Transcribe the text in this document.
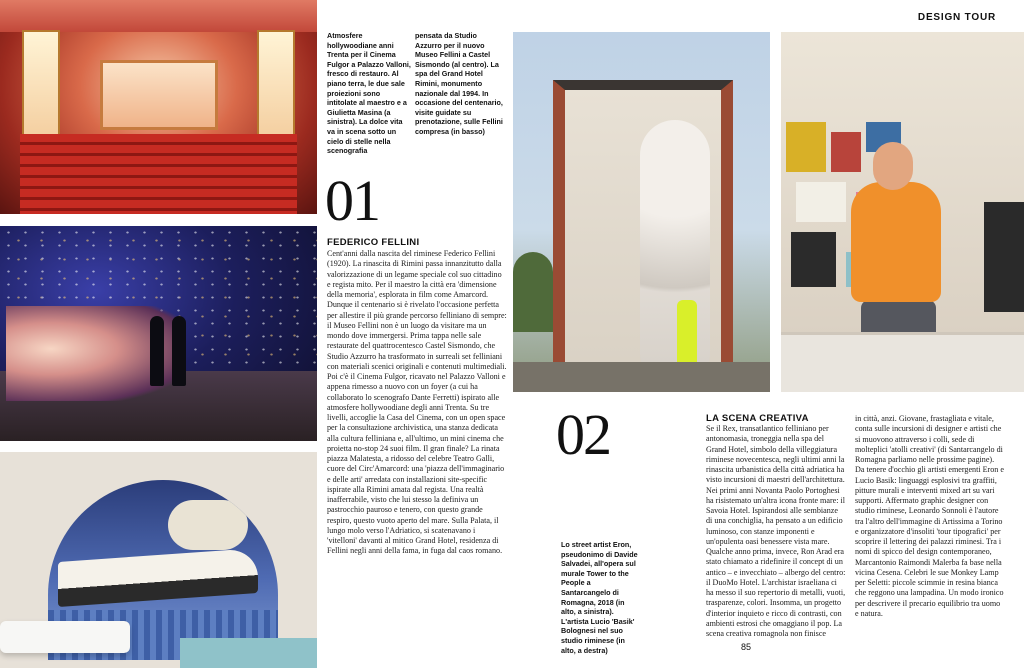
DESIGN TOUR
85
Atmosfere hollywoodiane anni Trenta per il Cinema Fulgor a Palazzo Valloni, fresco di restauro. Al piano terra, le due sale proiezioni sono intitolate al maestro e a Giulietta Masina (a sinistra). La dolce vita va in scena sotto un cielo di stelle nella scenografia
pensata da Studio Azzurro per il nuovo Museo Fellini a Castel Sismondo (al centro). La spa del Grand Hotel Rimini, monumento nazionale dal 1994. In occasione del centenario, visite guidate su prenotazione, sulle Fellini compresa (in basso)
Lo street artist Eron, pseudonimo di Davide Salvadei, all'opera sul murale Tower to the People a Santarcangelo di Romagna, 2018 (in alto, a sinistra). L'artista Lucio 'Basik' Bolognesi nel suo studio riminese (in alto, a destra)
01
FEDERICO FELLINI
Cent'anni dalla nascita del riminese Federico Fellini (1920). La rinascita di Rimini passa innanzitutto dalla valorizzazione di un legame speciale col suo cittadino e regista mito. Per il maestro la città era 'dimensione della memoria', esplorata in film come Amarcord. Dunque il centenario si è rivelato l'occasione perfetta per allestire il più grande percorso felliniano di sempre: il Museo Fellini non è un luogo da visitare ma un mondo dove immergersi. Prima tappa nelle sale restaurate del quattrocentesco Castel Sismondo, che Studio Azzurro ha trasformato in surreali set felliniani con materiali scenici originali e contenuti multimediali. Poi c'è il Cinema Fulgor, ricavato nel Palazzo Valloni e appena rimesso a nuovo con un foyer (a cui ha collaborato lo scenografo Dante Ferretti) ispirato alle atmosfere hollywoodiane degli anni Trenta. Su tre livelli, accoglie la Casa del Cinema, con un open space per la consultazione archivistica, una stanza dedicata alla cultura felliniana e, all'ultimo, un mini cinema che proietta no-stop 24 suoi film. Il gran finale? La rinata piazza Malatesta, a ridosso del celebre Teatro Galli, cuore del Circ'Amarcord: una 'piazza dell'immaginario e delle arti' arredata con installazioni site-specific ispirate alla Rimini amata dal regista. Una realtà inafferrabile, visto che lui stesso la definiva un pastrocchio pauroso e tenero, con questo grande respiro, questo vuoto aperto del mare. Sulla Palata, il lungo molo verso l'Adriatico, si scatenavano i 'vitelloni' davanti al mitico Grand Hotel, residenza di Fellini negli anni della fama, in fuga dal caos romano.
02	LA SCENA CREATIVA
Se il Rex, transatlantico felliniano per antonomasia, troneggia nella spa del Grand Hotel, simbolo della villeggiatura riminese novecentesca, negli ultimi anni la rinascita urbanistica della città adriatica ha visto incursioni di maestri dell'architettura. Nei primi anni Novanta Paolo Portoghesi ha risistemato un'altra icona fronte mare: il Savoia Hotel. Ispirandosi alle sembianze di una conchiglia, ha pensato a un edificio luminoso, con stanze imponenti e un'opulenta oasi benessere vista mare. Qualche anno prima, invece, Ron Arad era stato chiamato a ridefinire il concept di un antico – e invecchiato – albergo del centro: il DuoMo Hotel. L'archistar israeliana ci ha messo il suo repertorio di metalli, vuoti, trasparenze, colori. Insomma, un progetto d'interior inquieto e ricco di contrasti, con ambienti estrosi che omaggiano il pop. La scena creativa romagnola non finisce
in città, anzi. Giovane, frastagliata e vitale, conta sulle incursioni di designer e artisti che si muovono attraverso i colli, sede di molteplici 'atolli creativi' (di Santarcangelo di Romagna parliamo nelle prossime pagine). Da tenere d'occhio gli artisti emergenti Eron e Lucio Basik: linguaggi esplosivi tra graffiti, pitture murali e interventi mixed art su vari supporti. Affermato graphic designer con studio riminese, Leonardo Sonnoli è l'autore tra l'altro dell'immagine di Artissima a Torino e organizzatore d'insoliti 'tour tipografici' per scoprire il lettering dei palazzi riminesi. Tra i nomi di spicco del design contemporaneo, Marcantonio Raimondi Malerba fa base nella vicina Cesena. Celebri le sue Monkey Lamp per Seletti: piccole scimmie in resina bianca che reggono una lampadina. Un modo ironico per descrivere il precario equilibrio tra uomo e natura.
